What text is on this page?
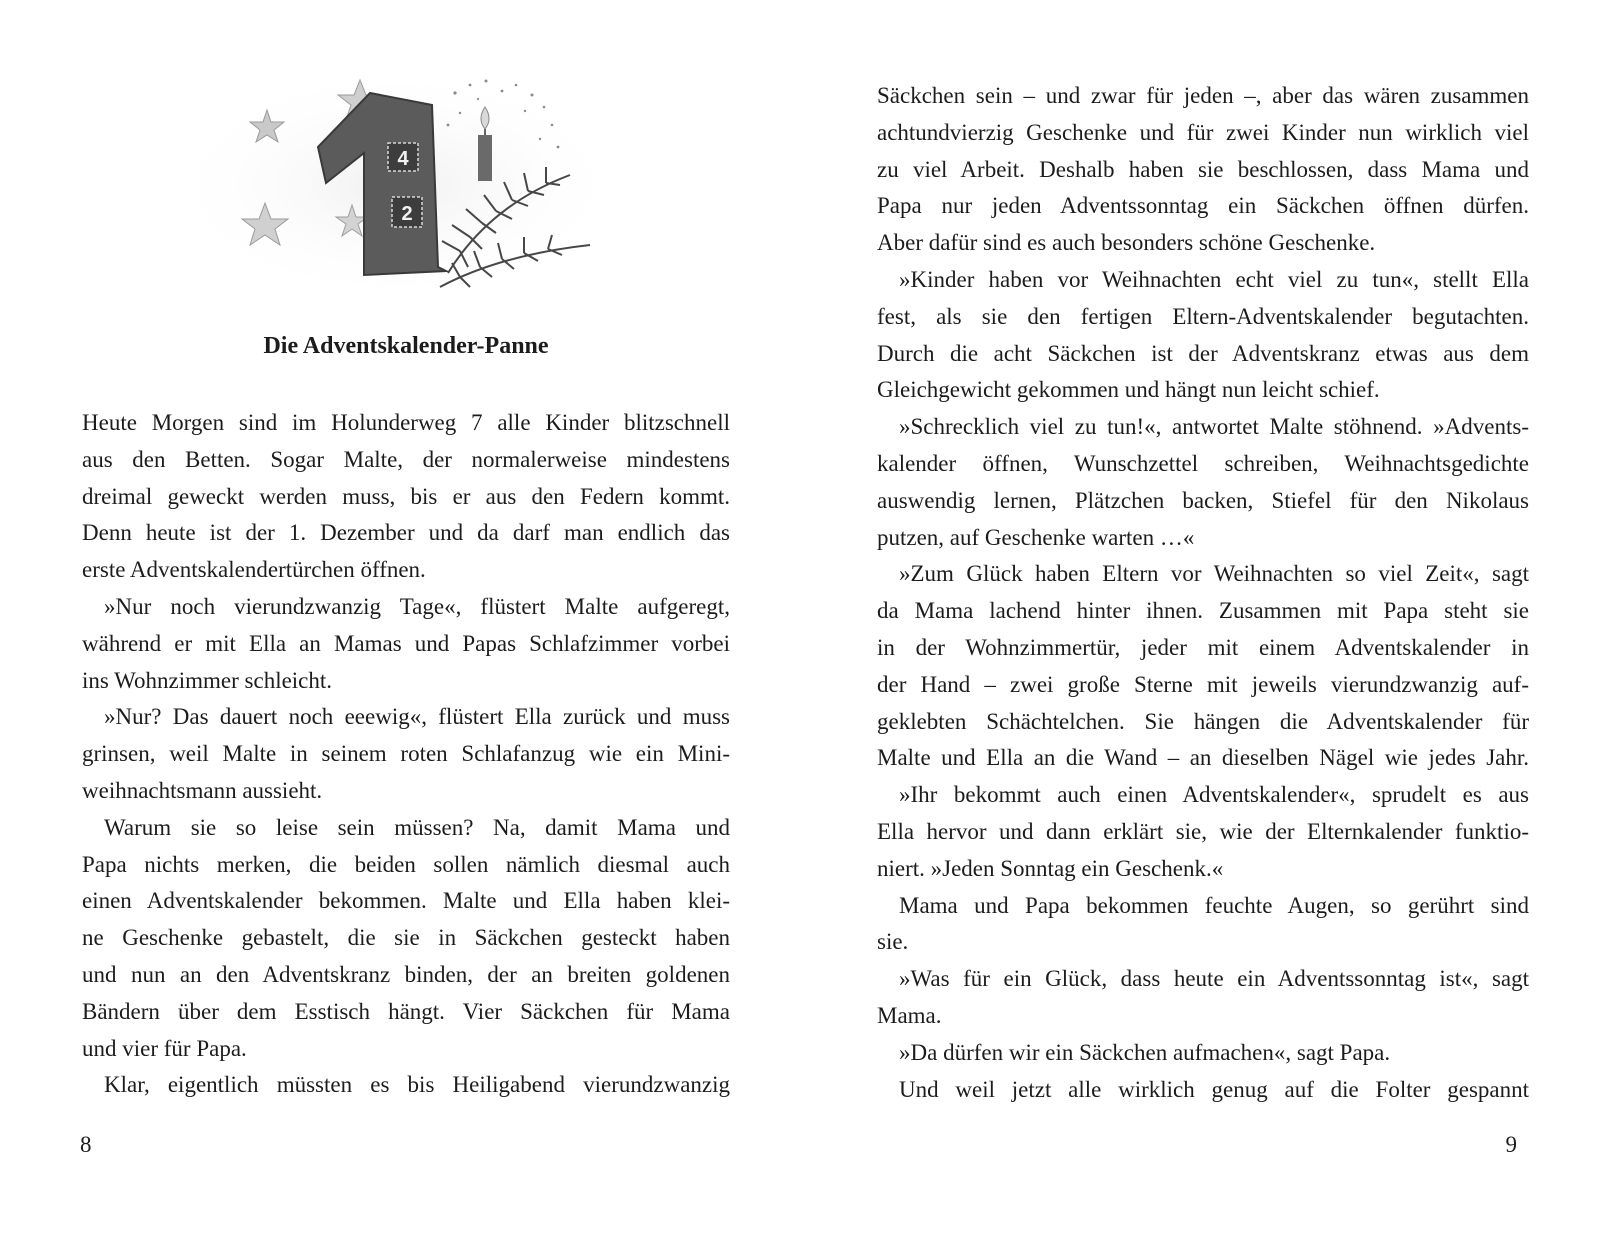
4
2
Die Adventskalender-Panne
Heute Morgen sind im Holunderweg 7 alle Kinder blitzschnell
aus den Betten. Sogar Malte, der normalerweise mindestens
dreimal geweckt werden muss, bis er aus den Federn kommt.
Denn heute ist der 1. Dezember und da darf man endlich das
erste Adventskalendertürchen öffnen.
»Nur noch vierundzwanzig Tage«, flüstert Malte aufgeregt,
während er mit Ella an Mamas und Papas Schlafzimmer vorbei
ins Wohnzimmer schleicht.
»Nur? Das dauert noch eeewig«, flüstert Ella zurück und muss
grinsen, weil Malte in seinem roten Schlafanzug wie ein Mini-
weihnachtsmann aussieht.
Warum sie so leise sein müssen? Na, damit Mama und
Papa nichts merken, die beiden sollen nämlich diesmal auch
einen Adventskalender bekommen. Malte und Ella haben klei-
ne Geschenke gebastelt, die sie in Säckchen gesteckt haben
und nun an den Adventskranz binden, der an breiten goldenen
Bändern über dem Esstisch hängt. Vier Säckchen für Mama
und vier für Papa.
Klar, eigentlich müssten es bis Heiligabend vierundzwanzig
8
Säckchen sein – und zwar für jeden –, aber das wären zusammen
achtundvierzig Geschenke und für zwei Kinder nun wirklich viel
zu viel Arbeit. Deshalb haben sie beschlossen, dass Mama und
Papa nur jeden Adventssonntag ein Säckchen öffnen dürfen.
Aber dafür sind es auch besonders schöne Geschenke.
»Kinder haben vor Weihnachten echt viel zu tun«, stellt Ella
fest, als sie den fertigen Eltern-Adventskalender begutachten.
Durch die acht Säckchen ist der Adventskranz etwas aus dem
Gleichgewicht gekommen und hängt nun leicht schief.
»Schrecklich viel zu tun!«, antwortet Malte stöhnend. »Advents-
kalender öffnen, Wunschzettel schreiben, Weihnachtsgedichte
auswendig lernen, Plätzchen backen, Stiefel für den Nikolaus
putzen, auf Geschenke warten …«
»Zum Glück haben Eltern vor Weihnachten so viel Zeit«, sagt
da Mama lachend hinter ihnen. Zusammen mit Papa steht sie
in der Wohnzimmertür, jeder mit einem Adventskalender in
der Hand – zwei große Sterne mit jeweils vierundzwanzig auf-
geklebten Schächtelchen. Sie hängen die Adventskalender für
Malte und Ella an die Wand – an dieselben Nägel wie jedes Jahr.
»Ihr bekommt auch einen Adventskalender«, sprudelt es aus
Ella hervor und dann erklärt sie, wie der Elternkalender funktio-
niert. »Jeden Sonntag ein Geschenk.«
Mama und Papa bekommen feuchte Augen, so gerührt sind
sie.
»Was für ein Glück, dass heute ein Adventssonntag ist«, sagt
Mama.
»Da dürfen wir ein Säckchen aufmachen«, sagt Papa.
Und weil jetzt alle wirklich genug auf die Folter gespannt
9
